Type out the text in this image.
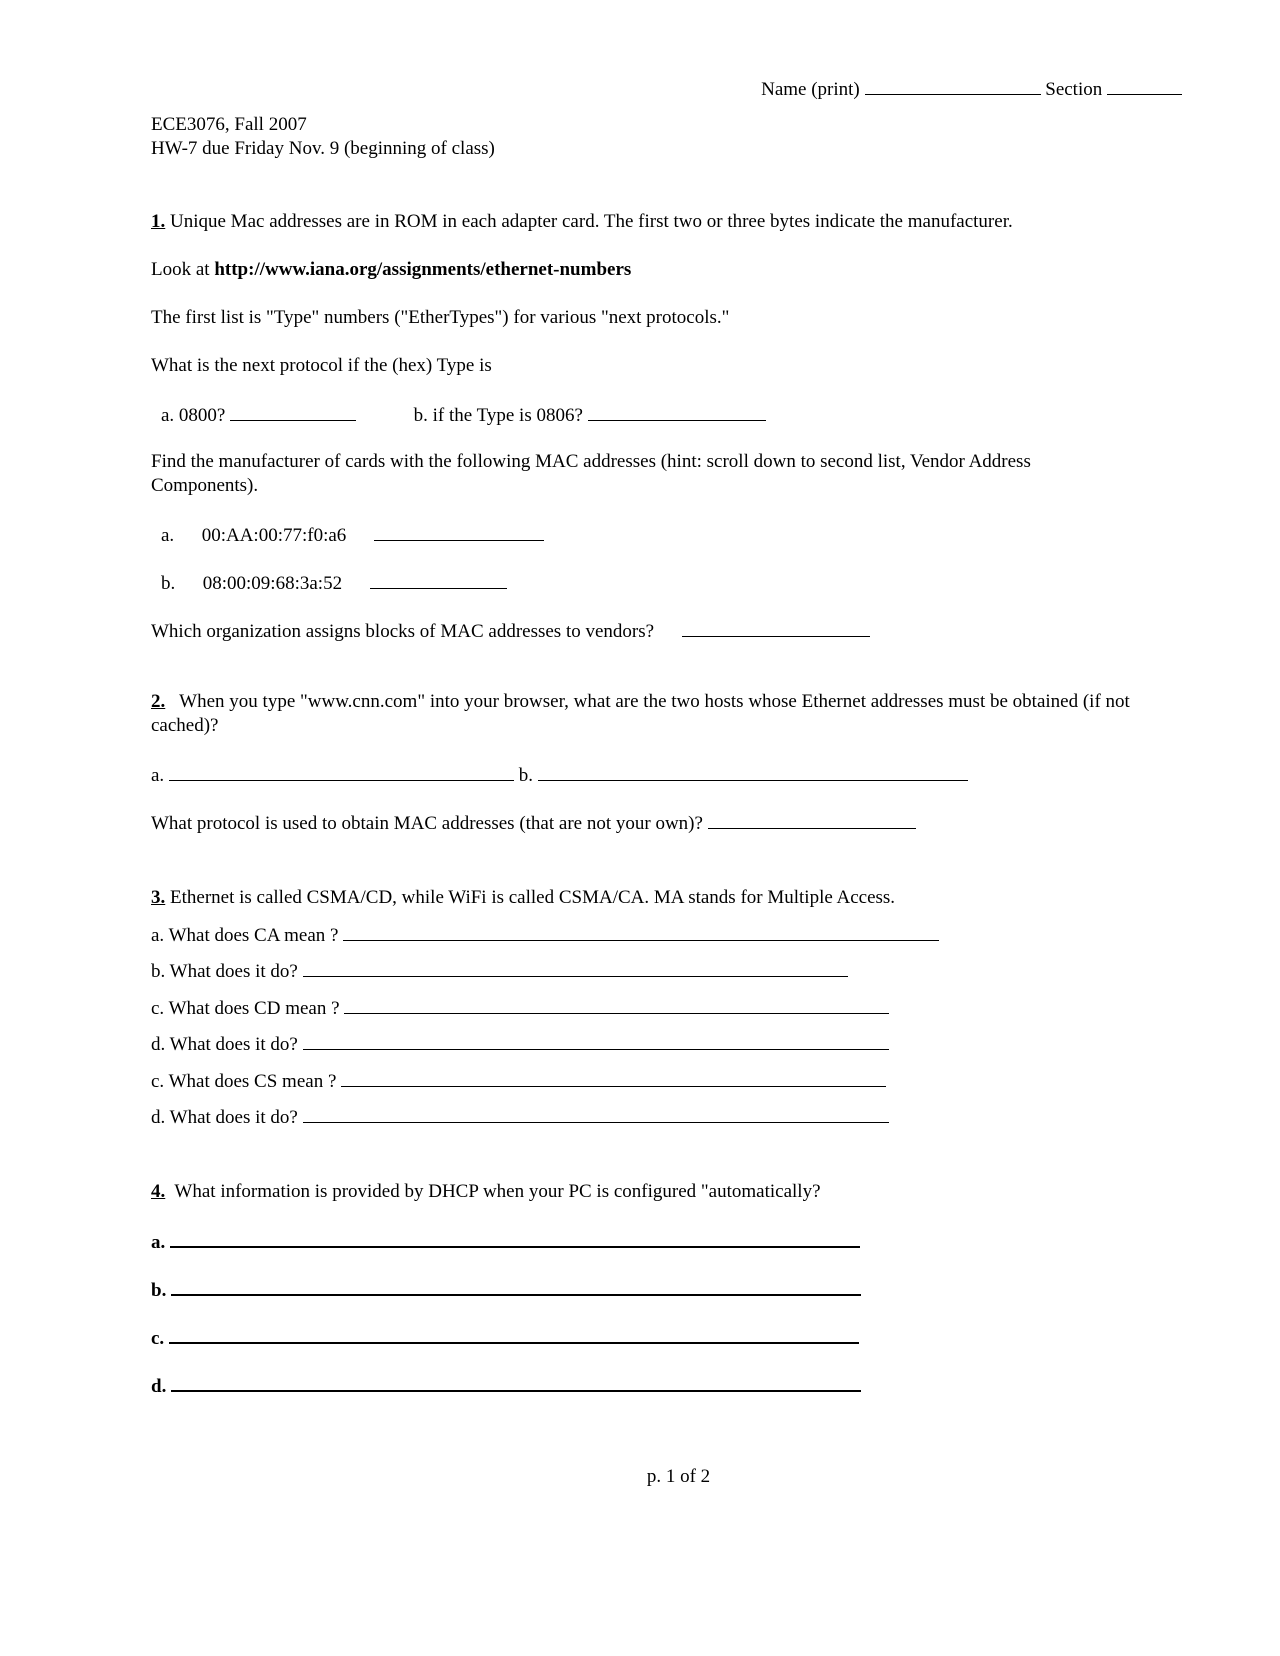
Name (print)	Section
ECE3076, Fall 2007
HW-7 due Friday Nov. 9 (beginning of class)
1. Unique Mac addresses are in ROM in each adapter card. The first two or three bytes indicate the manufacturer.
Look at http://www.iana.org/assignments/ethernet-numbers
The first list is "Type" numbers ("EtherTypes") for various "next protocols."
What is the next protocol if the (hex) Type is
a. 0800?	b. if the Type is 0806?
Find the manufacturer of cards with the following MAC addresses (hint: scroll down to second list, Vendor Address Components).
a. 00:AA:00:77:f0:a6
b. 08:00:09:68:3a:52
Which organization assigns blocks of MAC addresses to vendors?
2. When you type "www.cnn.com" into your browser, what are the two hosts whose Ethernet addresses must be obtained (if not cached)?
a.	b.
What protocol is used to obtain MAC addresses (that are not your own)?
3. Ethernet is called CSMA/CD, while WiFi is called CSMA/CA. MA stands for Multiple Access.
a. What does CA mean ?
b. What does it do?
c. What does CD mean ?
d. What does it do?
c. What does CS mean ?
d. What does it do?
4. What information is provided by DHCP when your PC is configured "automatically?
a.
b.
c.
d.
p. 1 of 2
